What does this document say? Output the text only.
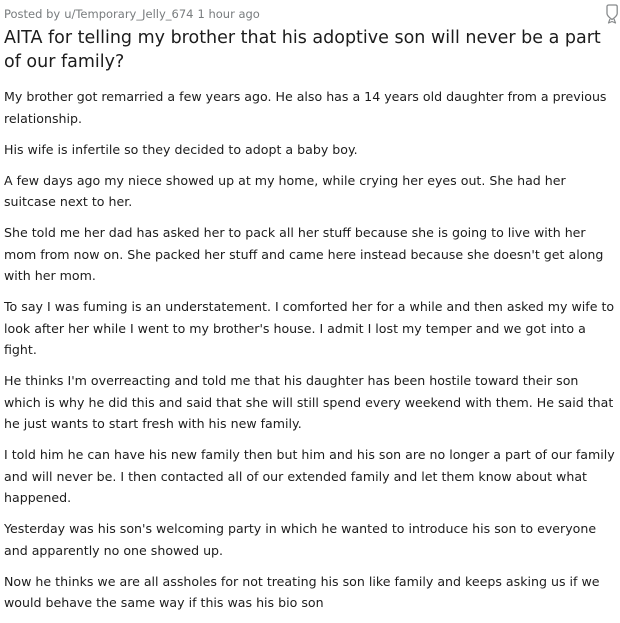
Posted by u/Temporary_Jelly_674 1 hour ago
AITA for telling my brother that his adoptive son will never be a part of our family?

My brother got remarried a few years ago. He also has a 14 years old daughter from a previous relationship.

His wife is infertile so they decided to adopt a baby boy.

A few days ago my niece showed up at my home, while crying her eyes out. She had her suitcase next to her.

She told me her dad has asked her to pack all her stuff because she is going to live with her mom from now on. She packed her stuff and came here instead because she doesn't get along with her mom.

To say I was fuming is an understatement. I comforted her for a while and then asked my wife to look after her while I went to my brother's house. I admit I lost my temper and we got into a fight.

He thinks I'm overreacting and told me that his daughter has been hostile toward their son which is why he did this and said that she will still spend every weekend with them. He said that he just wants to start fresh with his new family.

I told him he can have his new family then but him and his son are no longer a part of our family and will never be. I then contacted all of our extended family and let them know about what happened.

Yesterday was his son's welcoming party in which he wanted to introduce his son to everyone and apparently no one showed up.

Now he thinks we are all assholes for not treating his son like family and keeps asking us if we would behave the same way if this was his bio son
